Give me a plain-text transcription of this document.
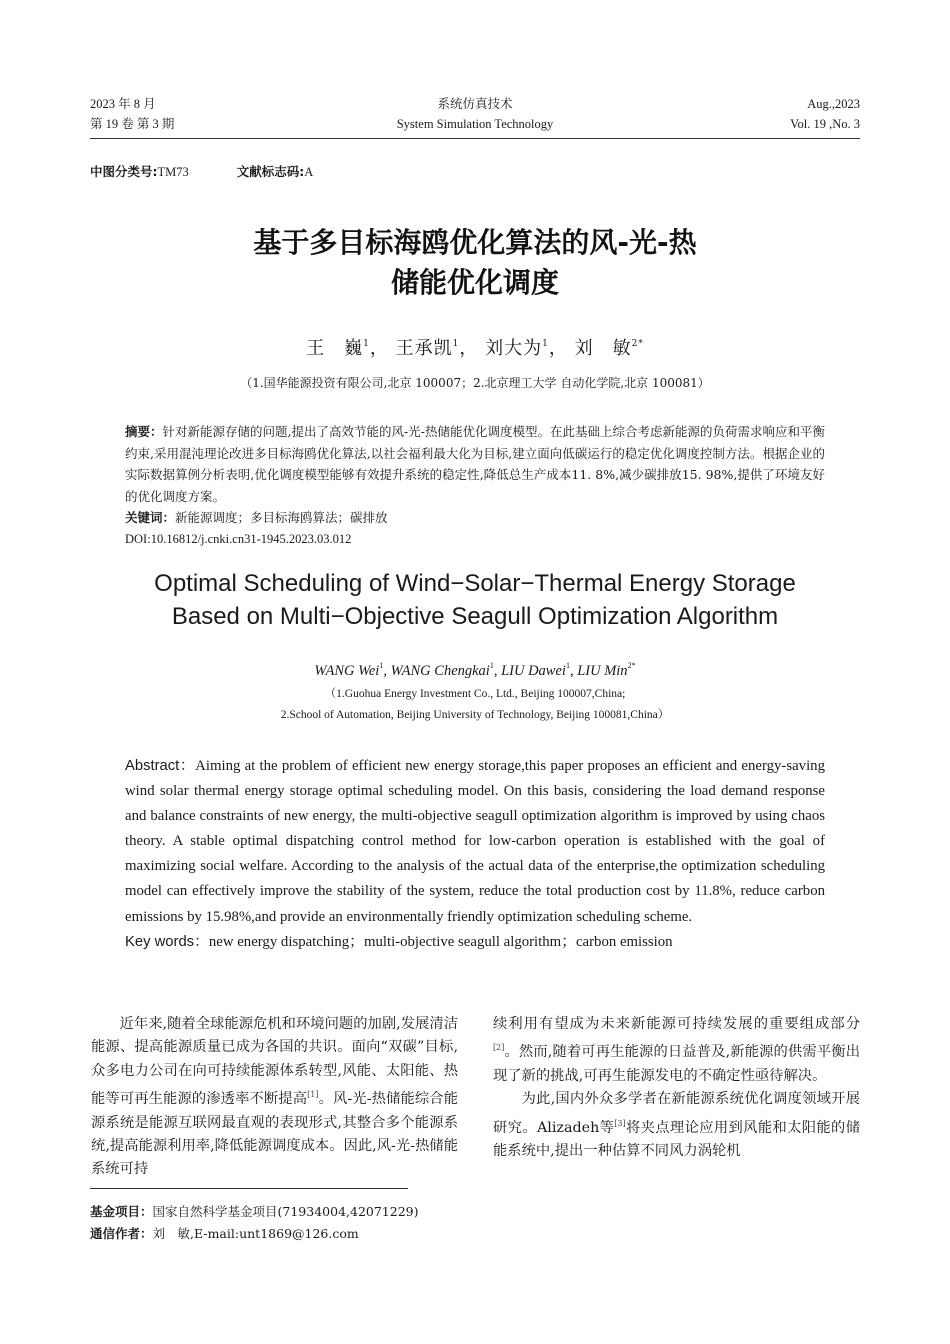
2023 年 8 月
第 19 卷 第 3 期
系统仿真技术
System Simulation Technology
Aug.,2023
Vol. 19 ,No. 3
中图分类号:TM73	文献标志码:A
基于多目标海鸥优化算法的风-光-热
储能优化调度
王　巍$^1$， 王承凯$^1$， 刘大为$^1$， 刘　敏$^{2*}$
（1.国华能源投资有限公司,北京 100007；2.北京理工大学 自动化学院,北京 100081）
摘要：针对新能源存储的问题,提出了高效节能的风-光-热储能优化调度模型。在此基础上综合考虑新能源的负荷需求响应和平衡约束,采用混沌理论改进多目标海鸥优化算法,以社会福利最大化为目标,建立面向低碳运行的稳定优化调度控制方法。根据企业的实际数据算例分析表明,优化调度模型能够有效提升系统的稳定性,降低总生产成本11. 8%,减少碳排放15. 98%,提供了环境友好的优化调度方案。
关键词：新能源调度；多目标海鸥算法；碳排放
DOI:10.16812/j.cnki.cn31-1945.2023.03.012
Optimal Scheduling of Wind−Solar−Thermal Energy Storage
Based on Multi−Objective Seagull Optimization Algorithm
WANG Wei$^1$, WANG Chengkai$^1$, LIU Dawei$^1$, LIU Min$^{2*}$
（1.Guohua Energy Investment Co., Ltd., Beijing 100007,China;
2.School of Automation, Beijing University of Technology, Beijing 100081,China）
Abstract：Aiming at the problem of efficient new energy storage,this paper proposes an efficient and energy-saving wind solar thermal energy storage optimal scheduling model. On this basis, considering the load demand response and balance constraints of new energy, the multi-objective seagull optimization algorithm is improved by using chaos theory. A stable optimal dispatching control method for low-carbon operation is established with the goal of maximizing social welfare. According to the analysis of the actual data of the enterprise,the optimization scheduling model can effectively improve the stability of the system, reduce the total production cost by 11.8%, reduce carbon emissions by 15.98%,and provide an environmentally friendly optimization scheduling scheme.
Key words：new energy dispatching；multi-objective seagull algorithm；carbon emission

近年来,随着全球能源危机和环境问题的加剧,发展清洁能源、提高能源质量已成为各国的共识。面向“双碳”目标,众多电力公司在向可持续能源体系转型,风能、太阳能、热能等可再生能源的渗透率不断提高[1]。风-光-热储能综合能源系统是能源互联网最直观的表现形式,其整合多个能源系统,提高能源利用率,降低能源调度成本。因此,风-光-热储能系统可持

续利用有望成为未来新能源可持续发展的重要组成部分[2]。然而,随着可再生能源的日益普及,新能源的供需平衡出现了新的挑战,可再生能源发电的不确定性亟待解决。

为此,国内外众多学者在新能源系统优化调度领域开展研究。Alizadeh等[3]将夹点理论应用到风能和太阳能的储能系统中,提出一种估算不同风力涡轮机

基金项目：国家自然科学基金项目(71934004,42071229)
通信作者：刘　敏,E-mail:unt1869@126.com
